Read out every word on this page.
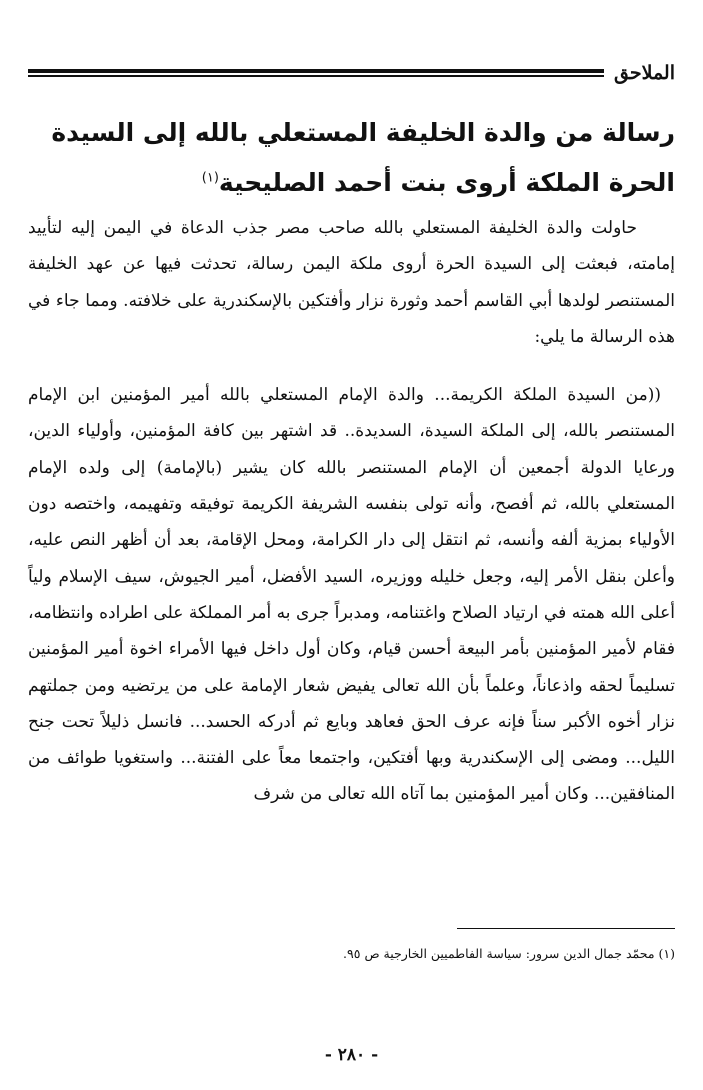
الملاحق
رسالة من والدة الخليفة المستعلي بالله إلى السيدة الحرة الملكة أروى بنت أحمد الصليحية$^{(١)}$

حاولت والدة الخليفة المستعلي بالله صاحب مصر جذب الدعاة في اليمن إليه لتأييد إمامته، فبعثت إلى السيدة الحرة أروى ملكة اليمن رسالة، تحدثت فيها عن عهد الخليفة المستنصر لولدها أبي القاسم أحمد وثورة نزار وأفتكين بالإسكندرية على خلافته. ومما جاء في هذه الرسالة ما يلي:

((من السيدة الملكة الكريمة... والدة الإمام المستعلي بالله أمير المؤمنين ابن الإمام المستنصر بالله، إلى الملكة السيدة، السديدة.. قد اشتهر بين كافة المؤمنين، وأولياء الدين، ورعايا الدولة أجمعين أن الإمام المستنصر بالله كان يشير (بالإمامة) إلى ولده الإمام المستعلي بالله، ثم أفصح، وأنه تولى بنفسه الشريفة الكريمة توفيقه وتفهيمه، واختصه دون الأولياء بمزية ألفه وأنسه، ثم انتقل إلى دار الكرامة، ومحل الإقامة، بعد أن أظهر النص عليه، وأعلن بنقل الأمر إليه، وجعل خليله ووزيره، السيد الأفضل، أمير الجيوش، سيف الإسلام ولياً أعلى الله همته في ارتياد الصلاح واغتنامه، ومدبراً جرى به أمر المملكة على اطراده وانتظامه، فقام لأمير المؤمنين بأمر البيعة أحسن قيام، وكان أول داخل فيها الأمراء اخوة أمير المؤمنين تسليماً لحقه واذعاناً، وعلماً بأن الله تعالى يفيض شعار الإمامة على من يرتضيه ومن جملتهم نزار أخوه الأكبر سناً فإنه عرف الحق فعاهد وبايع ثم أدركه الحسد... فانسل ذليلاً تحت جنح الليل... ومضى إلى الإسكندرية وبها أفتكين، واجتمعا معاً على الفتنة... واستغويا طوائف من المنافقين... وكان أمير المؤمنين بما آتاه الله تعالى من شرف

(١) محمّد جمال الدين سرور: سياسة الفاطميين الخارجية ص ٩٥.

- ٢٨٠ -
